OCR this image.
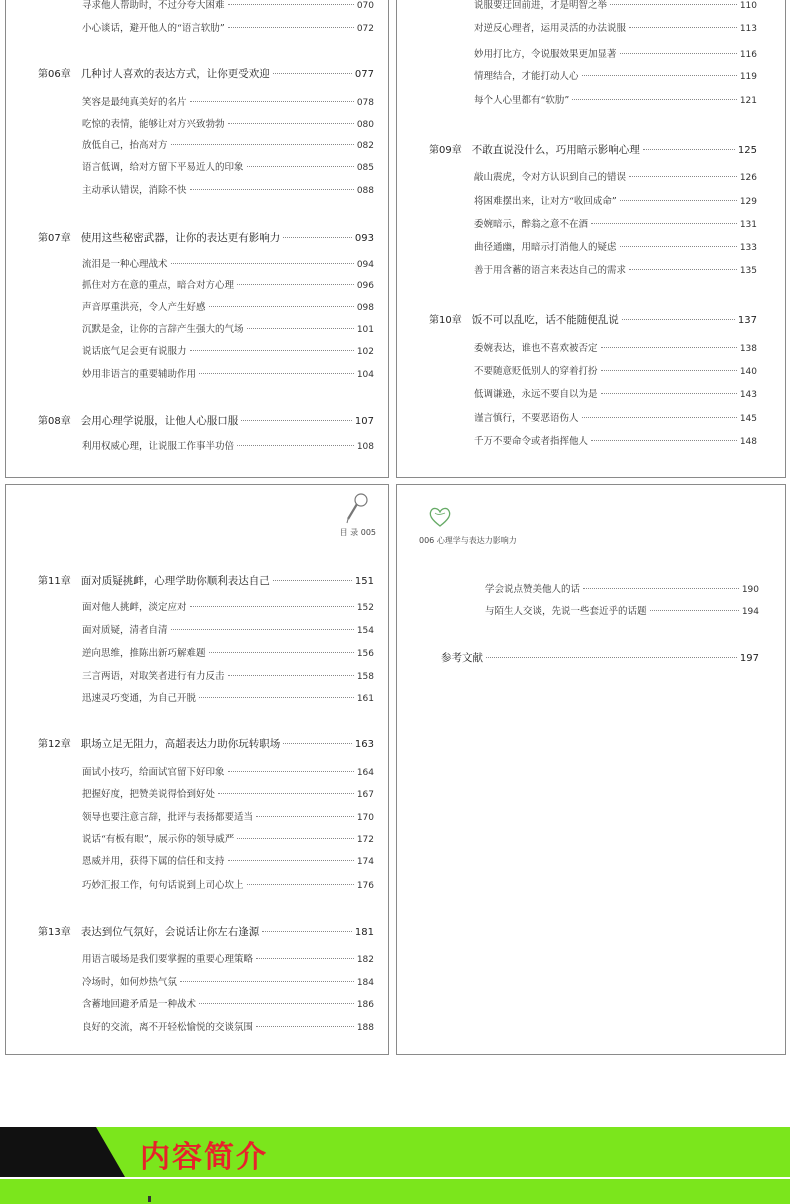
寻求他人帮助时，不过分夸大困难	070
小心谈话，避开他人的“语言软肋”	072
第06章 几种讨人喜欢的表达方式，让你更受欢迎	077
笑容是最纯真美好的名片	078
吃惊的表情，能够让对方兴致勃勃	080
放低自己，抬高对方	082
语言低调，给对方留下平易近人的印象	085
主动承认错误，消除不快	088
第07章 使用这些秘密武器，让你的表达更有影响力	093
流泪是一种心理战术	094
抓住对方在意的重点，暗合对方心理	096
声音厚重洪亮，令人产生好感	098
沉默是金，让你的言辞产生强大的气场	101
说话底气足会更有说服力	102
妙用非语言的重要辅助作用	104
第08章 会用心理学说服，让他人心服口服	107
利用权威心理，让说服工作事半功倍	108
说服要迂回前进，才是明智之举	110
对逆反心理者，运用灵活的办法说服	113
妙用打比方，令说服效果更加显著	116
情理结合，才能打动人心	119
每个人心里都有“软肋”	121
第09章 不敢直说没什么，巧用暗示影响心理	125
敲山震虎，令对方认识到自己的错误	126
将困难摆出来，让对方“收回成命”	129
委婉暗示，醉翁之意不在酒	131
曲径通幽，用暗示打消他人的疑虑	133
善于用含蓄的语言来表达自己的需求	135
第10章 饭不可以乱吃，话不能随便乱说	137
委婉表达，谁也不喜欢被否定	138
不要随意贬低别人的穿着打扮	140
低调谦逊，永远不要自以为是	143
谨言慎行，不要恶语伤人	145
千万不要命令或者指挥他人	148
目 录 005
第11章 面对质疑挑衅，心理学助你顺利表达自己	151
面对他人挑衅，淡定应对	152
面对质疑，清者自清	154
逆向思维，推陈出新巧解难题	156
三言两语，对取笑者进行有力反击	158
迅速灵巧变通，为自己开脱	161
第12章 职场立足无阻力，高超表达力助你玩转职场	163
面试小技巧，给面试官留下好印象	164
把握好度，把赞美说得恰到好处	167
领导也要注意言辞，批评与表扬都要适当	170
说话“有板有眼”，展示你的领导威严	172
恩威并用，获得下属的信任和支持	174
巧妙汇报工作，句句话说到上司心坎上	176
第13章 表达到位气氛好，会说话让你左右逢源	181
用语言暖场是我们要掌握的重要心理策略	182
冷场时，如何炒热气氛	184
含蓄地回避矛盾是一种战术	186
良好的交流，离不开轻松愉悦的交谈氛围	188
006 心理学与表达力影响力
学会说点赞美他人的话	190
与陌生人交谈，先说一些套近乎的话题	194
参考文献	197
内容简介
